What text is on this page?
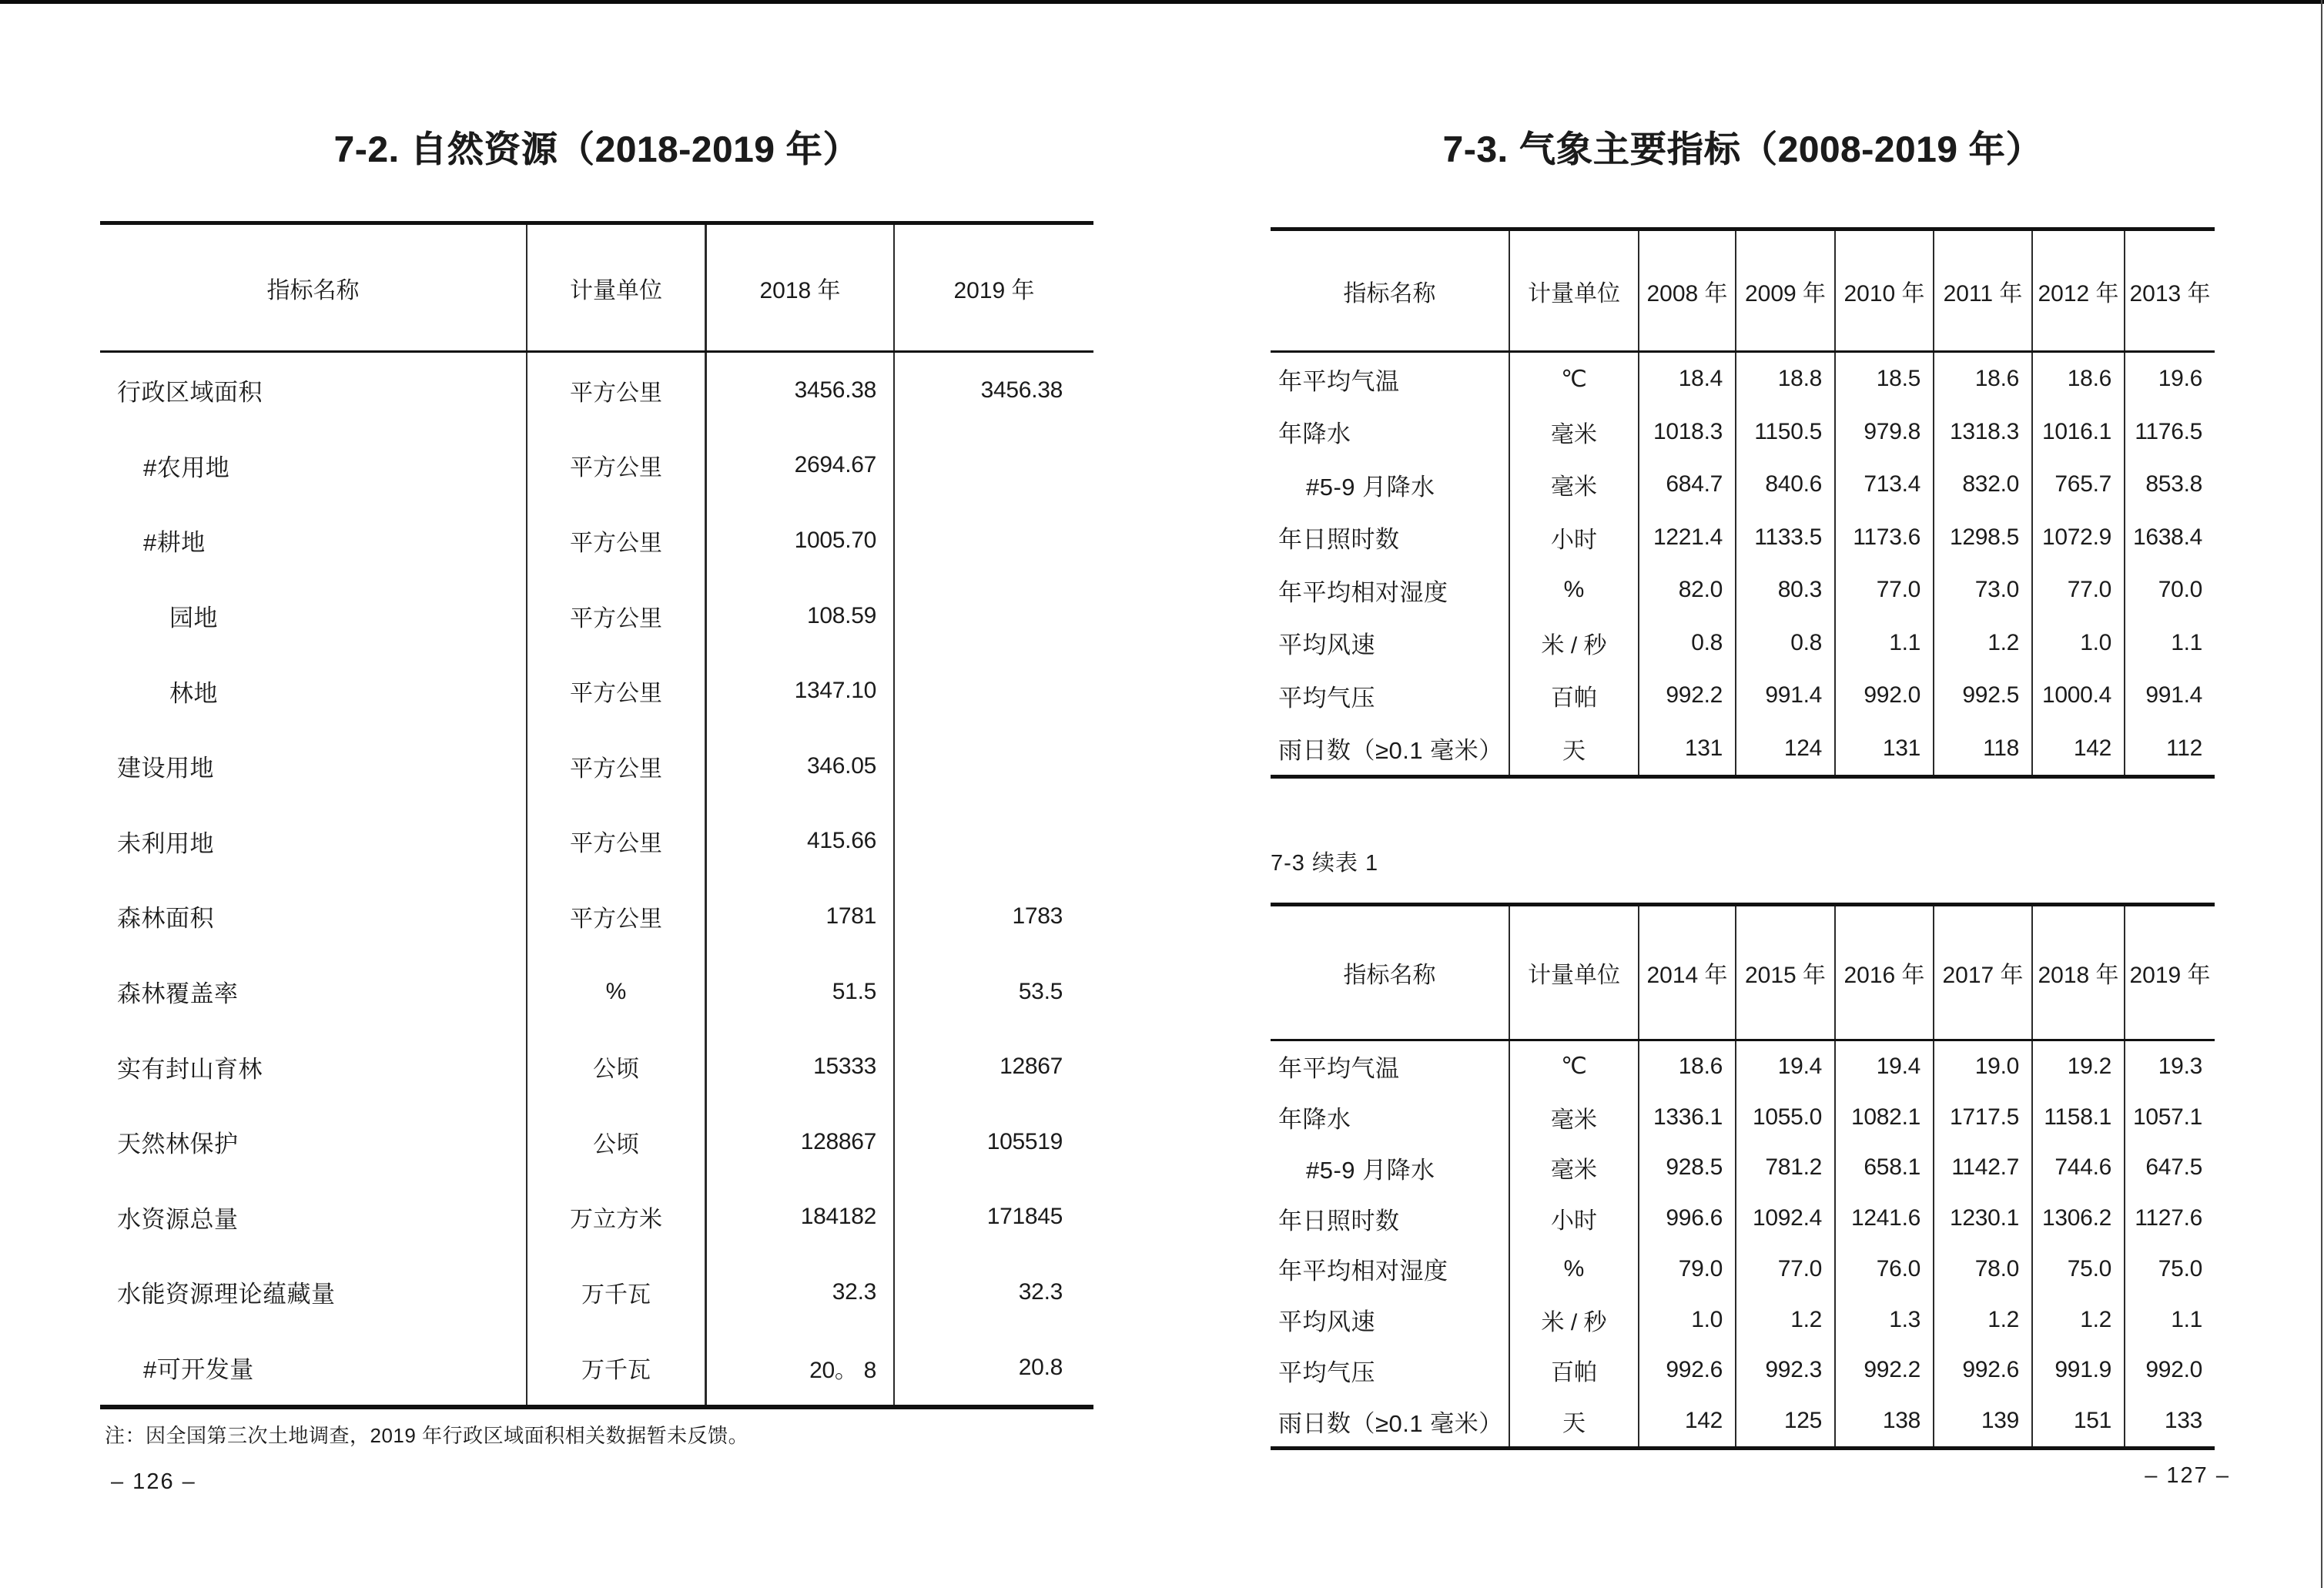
7-2. 自然资源（2018-2019 年）
指标名称	计量单位	2018 年	2019 年
行政区域面积	平方公里	3456.38	3456.38
#农用地	平方公里	2694.67
#耕地	平方公里	1005.70
园地	平方公里	108.59
林地	平方公里	1347.10
建设用地	平方公里	346.05
未利用地	平方公里	415.66
森林面积	平方公里	1781	1783
森林覆盖率	%	51.5	53.5
实有封山育林	公顷	15333	12867
天然林保护	公顷	128867	105519
水资源总量	万立方米	184182	171845
水能资源理论蕴藏量	万千瓦	32.3	32.3
#可开发量	万千瓦	20。 8	20.8

注：因全国第三次土地调查，2019 年行政区域面积相关数据暂未反馈。

– 126 –
7-3. 气象主要指标（2008-2019 年）
指标名称	计量单位	2008 年 2009 年 2010 年 2011 年 2012 年 2013 年
年平均气温	℃	18.4	18.8	18.5	18.6	18.6	19.6
年降水	毫米	1018.3	1150.5	979.8	1318.3	1016.1	1176.5
#5-9 月降水	毫米	684.7	840.6	713.4	832.0	765.7	853.8
年日照时数	小时	1221.4	1133.5	1173.6	1298.5	1072.9 1638.4
年平均相对湿度	%	82.0	80.3	77.0	73.0	77.0	70.0
平均风速	米 / 秒	0.8	0.8	1.1	1.2	1.0	1.1
平均气压	百帕	992.2	991.4	992.0	992.5	1000.4	991.4
雨日数（≥0.1 毫米）	天	131	124	131	118	142	112
7-3 续表 1
指标名称	计量单位	2014 年 2015 年 2016 年 2017 年 2018 年 2019 年
年平均气温	℃	18.6	19.4	19.4	19.0	19.2	19.3
年降水	毫米	1336.1	1055.0	1082.1	1717.5	1158.1 1057.1
#5-9 月降水	毫米	928.5	781.2	658.1	1142.7	744.6	647.5
年日照时数	小时	996.6	1092.4	1241.6	1230.1	1306.2	1127.6
年平均相对湿度	%	79.0	77.0	76.0	78.0	75.0	75.0
平均风速	米 / 秒	1.0	1.2	1.3	1.2	1.2	1.1
平均气压	百帕	992.6	992.3	992.2	992.6	991.9	992.0
雨日数（≥0.1 毫米）	天	142	125	138	139	151	133
– 127 –
